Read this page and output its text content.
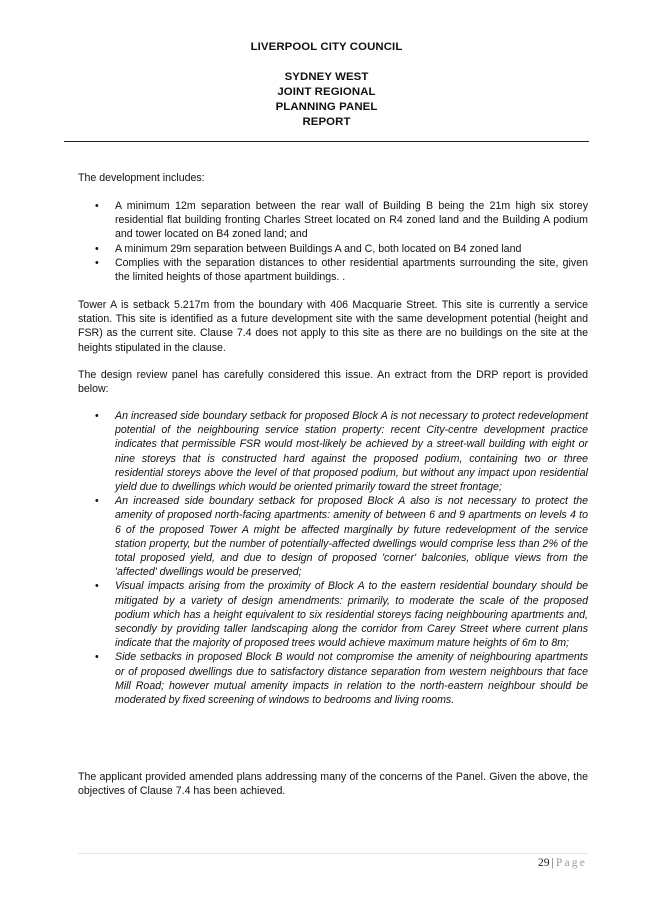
LIVERPOOL CITY COUNCIL
SYDNEY WEST
JOINT REGIONAL
PLANNING PANEL
REPORT
The development includes:
• A minimum 12m separation between the rear wall of Building B being the 21m high six storey residential flat building fronting Charles Street located on R4 zoned land and the Building A podium and tower located on B4 zoned land; and
• A minimum 29m separation between Buildings A and C, both located on B4 zoned land
• Complies with the separation distances to other residential apartments surrounding the site, given the limited heights of those apartment buildings. .
Tower A is setback 5.217m from the boundary with 406 Macquarie Street. This site is currently a service station. This site is identified as a future development site with the same development potential (height and FSR) as the current site. Clause 7.4 does not apply to this site as there are no buildings on the site at the heights stipulated in the clause.
The design review panel has carefully considered this issue. An extract from the DRP report is provided below:
• An increased side boundary setback for proposed Block A is not necessary to protect redevelopment potential of the neighbouring service station property: recent City-centre development practice indicates that permissible FSR would most-likely be achieved by a street-wall building with eight or nine storeys that is constructed hard against the proposed podium, containing two or three residential storeys above the level of that proposed podium, but without any impact upon residential yield due to dwellings which would be oriented primarily toward the street frontage;
• An increased side boundary setback for proposed Block A also is not necessary to protect the amenity of proposed north-facing apartments: amenity of between 6 and 9 apartments on levels 4 to 6 of the proposed Tower A might be affected marginally by future redevelopment of the service station property, but the number of potentially-affected dwellings would comprise less than 2% of the total proposed yield, and due to design of proposed 'corner' balconies, oblique views from the 'affected' dwellings would be preserved;
• Visual impacts arising from the proximity of Block A to the eastern residential boundary should be mitigated by a variety of design amendments: primarily, to moderate the scale of the proposed podium which has a height equivalent to six residential storeys facing neighbouring apartments and, secondly by providing taller landscaping along the corridor from Carey Street where current plans indicate that the majority of proposed trees would achieve maximum mature heights of 6m to 8m;
• Side setbacks in proposed Block B would not compromise the amenity of neighbouring apartments or of proposed dwellings due to satisfactory distance separation from western neighbours that face Mill Road; however mutual amenity impacts in relation to the north-eastern neighbour should be moderated by fixed screening of windows to bedrooms and living rooms.
The applicant provided amended plans addressing many of the concerns of the Panel. Given the above, the objectives of Clause 7.4 has been achieved.
29 | Page
